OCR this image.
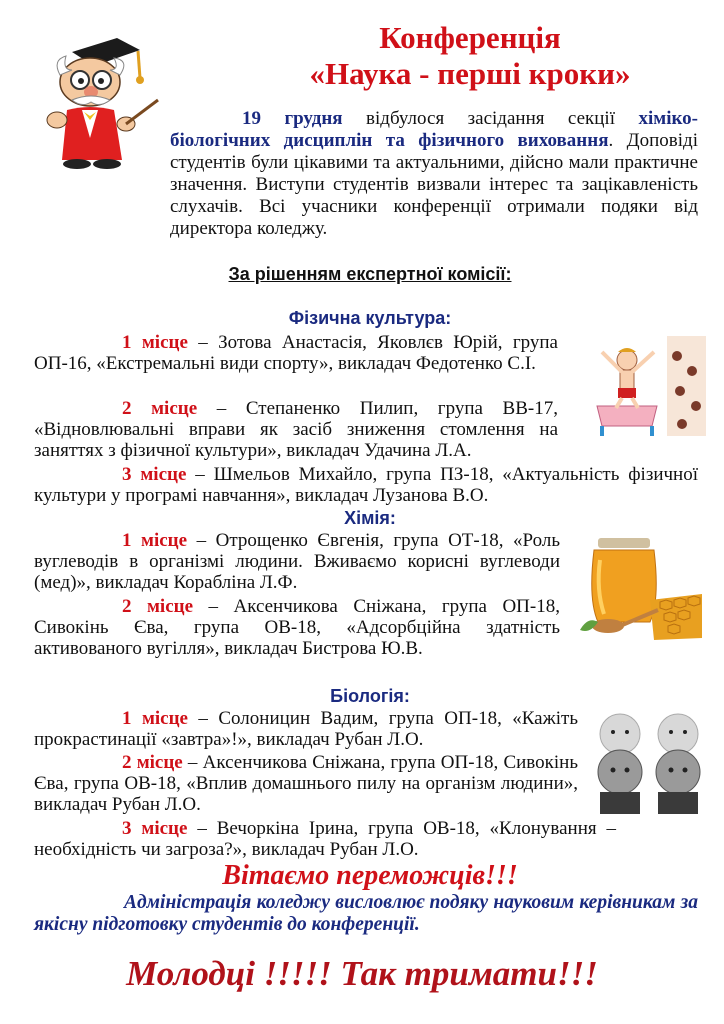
Конференція
«Наука - перші кроки»
19 грудня відбулося засідання секції хіміко-біологічних дисциплін та фізичного виховання. Доповіді студентів були цікавими та актуальними, дійсно мали практичне значення. Виступи студентів визвали інтерес та зацікавленість слухачів. Всі учасники конференції отримали подяки від директора коледжу.
За рішенням експертної комісії:
Фізична культура:
1 місце – Зотова Анастасія, Яковлєв Юрій, група ОП-16, «Екстремальні види спорту», викладач Федотенко С.І.
2 місце – Степаненко Пилип, група ВВ-17, «Відновлювальні вправи як засіб зниження стомлення на заняттях з фізичної культури», викладач Удачина Л.А.
3 місце – Шмельов Михайло, група ПЗ-18, «Актуальність фізичної культури у програмі навчання», викладач Лузанова В.О.
Хімія:
1 місце – Отрощенко Євгенія, група ОТ-18, «Роль вуглеводів в організмі людини. Вживаємо корисні вуглеводи (мед)», викладач Корабліна Л.Ф.
2 місце – Аксенчикова Сніжана, група ОП-18, Сивокінь Єва, група ОВ-18, «Адсорбційна здатність активованого вугілля», викладач Бистрова Ю.В.
Біологія:
1 місце – Солоницин Вадим, група ОП-18, «Кажіть прокрастинації «завтра»!», викладач Рубан Л.О.
2 місце – Аксенчикова Сніжана, група ОП-18, Сивокінь Єва, група ОВ-18, «Вплив домашнього пилу на організм людини», викладач Рубан Л.О.
3 місце – Вечоркіна Ірина, група ОВ-18, «Клонування – необхідність чи загроза?», викладач Рубан Л.О.
Вітаємо переможців!!!
Адміністрація коледжу висловлює подяку науковим керівникам за якісну підготовку студентів до конференції.
Молодці !!!!! Так тримати!!!
